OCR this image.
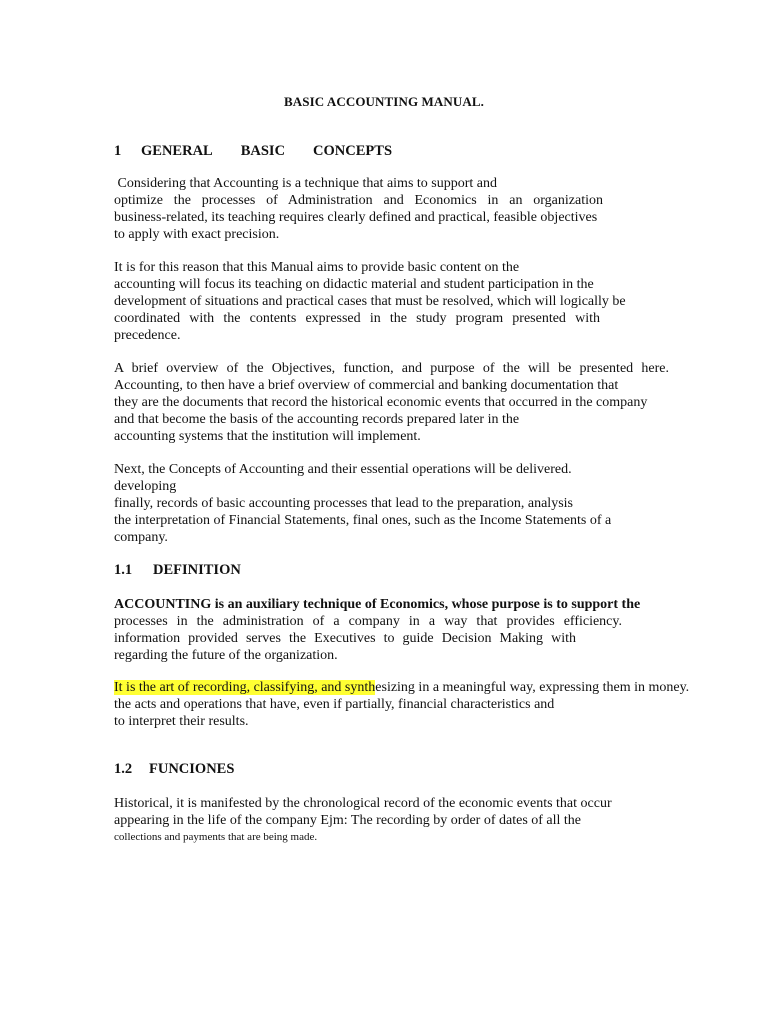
BASIC ACCOUNTING MANUAL.
1 GENERAL BASIC CONCEPTS
Considering that Accounting is a technique that aims to support and
optimize the processes of Administration and Economics in an organization
business-related, its teaching requires clearly defined and practical, feasible objectives
to apply with exact precision.
It is for this reason that this Manual aims to provide basic content on the
accounting will focus its teaching on didactic material and student participation in the
development of situations and practical cases that must be resolved, which will logically be
coordinated with the contents expressed in the study program presented with
precedence.
A brief overview of the Objectives, function, and purpose of the will be presented here.
Accounting, to then have a brief overview of commercial and banking documentation that
they are the documents that record the historical economic events that occurred in the company
and that become the basis of the accounting records prepared later in the
accounting systems that the institution will implement.
Next, the Concepts of Accounting and their essential operations will be delivered.
developing
finally, records of basic accounting processes that lead to the preparation, analysis
the interpretation of Financial Statements, final ones, such as the Income Statements of a
company.
1.1 DEFINITION
ACCOUNTING is an auxiliary technique of Economics, whose purpose is to support the
processes in the administration of a company in a way that provides efficiency.
information provided serves the Executives to guide Decision Making with
regarding the future of the organization.
It is the art of recording, classifying, and synthesizing in a meaningful way, expressing them in money.
the acts and operations that have, even if partially, financial characteristics and
to interpret their results.
1.2 FUNCIONES
Historical, it is manifested by the chronological record of the economic events that occur
appearing in the life of the company Ejm: The recording by order of dates of all the
collections and payments that are being made.
